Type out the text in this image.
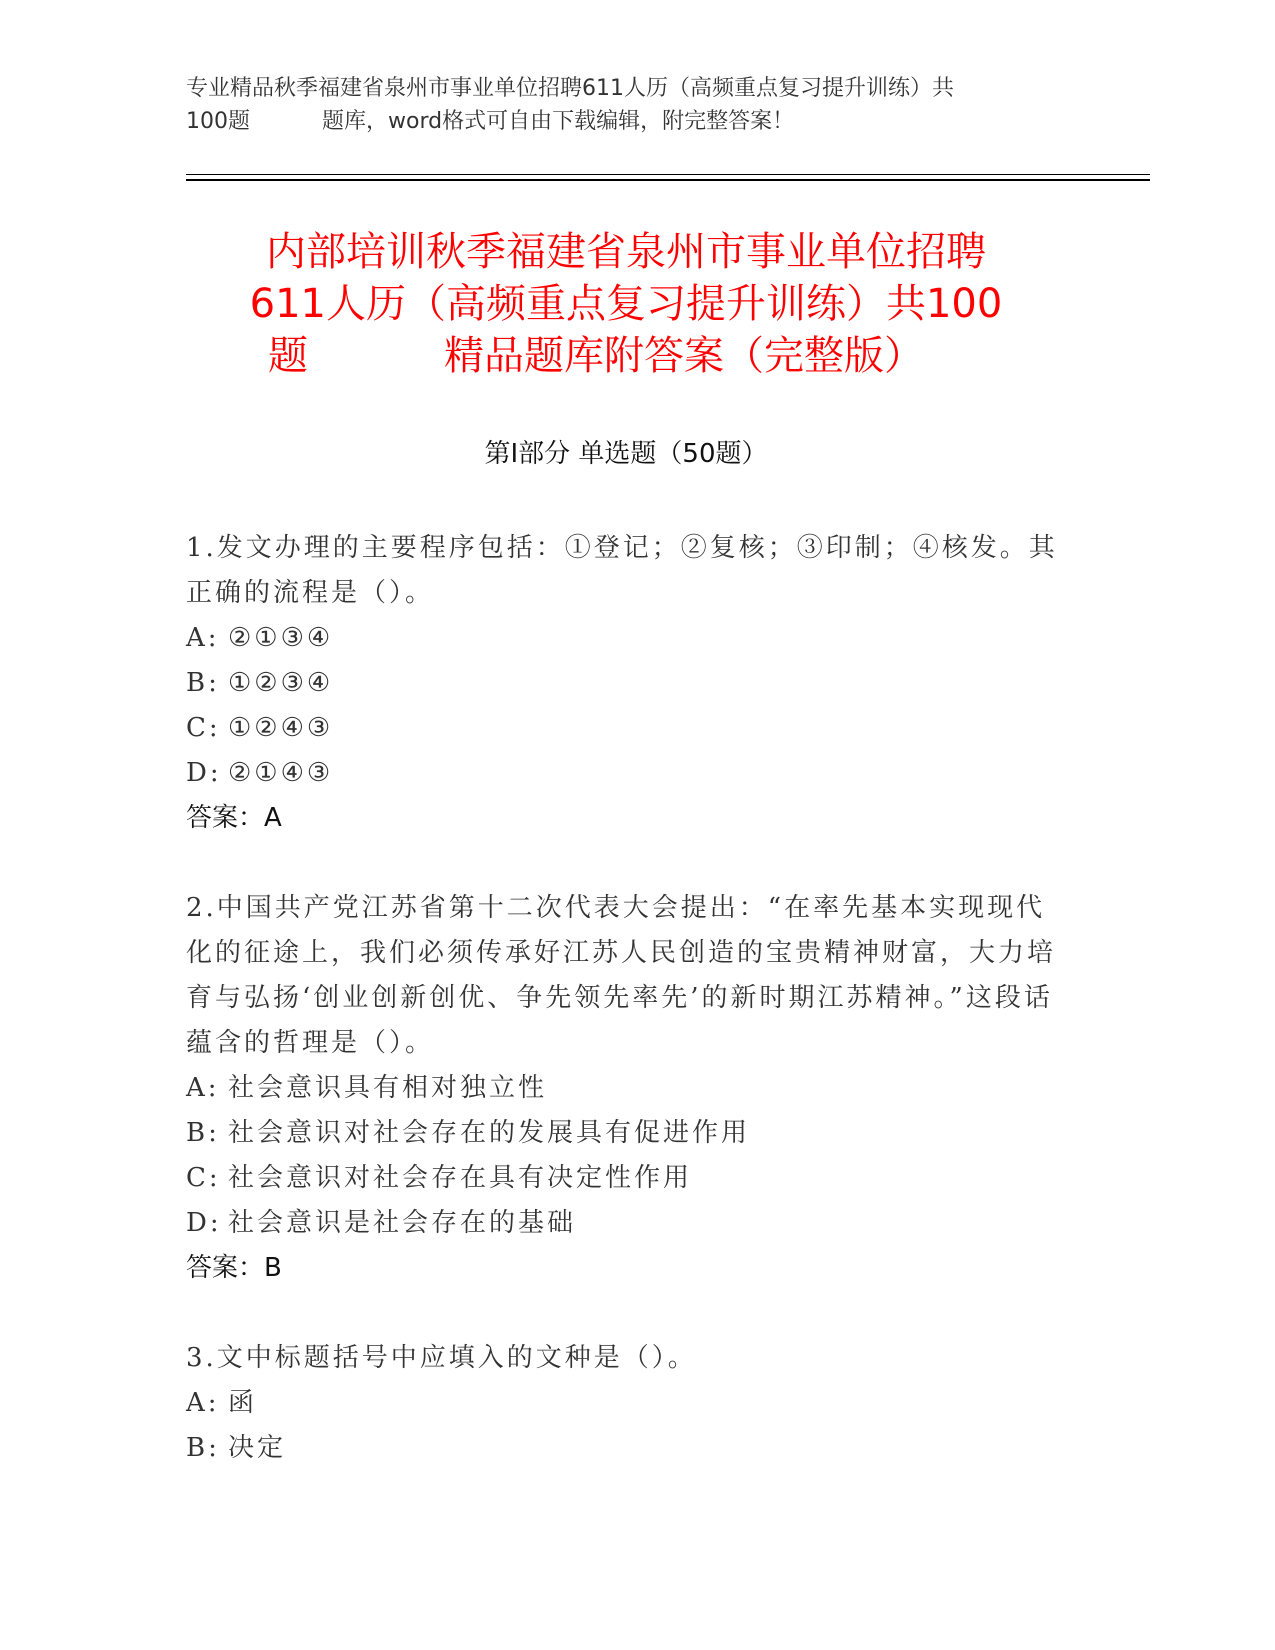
专业精品秋季福建省泉州市事业单位招聘611人历（高频重点复习提升训练）共
100题	题库，word格式可自由下载编辑，附完整答案！
内部培训秋季福建省泉州市事业单位招聘
611人历（高频重点复习提升训练）共100
题	精品题库附答案（完整版）
第Ⅰ部分 单选题（50题）

1.发文办理的主要程序包括：①登记；②复核；③印制；④核发。其正确的流程是（）。

A: ②①③④
B: ①②③④
C: ①②④③
D: ②①④③
答案：A

2.中国共产党江苏省第十二次代表大会提出：“在率先基本实现现代化的征途上，我们必须传承好江苏人民创造的宝贵精神财富，大力培育与弘扬‘创业创新创优、争先领先率先’的新时期江苏精神。”这段话蕴含的哲理是（）。

A: 社会意识具有相对独立性
B: 社会意识对社会存在的发展具有促进作用
C: 社会意识对社会存在具有决定性作用
D: 社会意识是社会存在的基础
答案：B

3.文中标题括号中应填入的文种是（）。

A: 函
B: 决定
